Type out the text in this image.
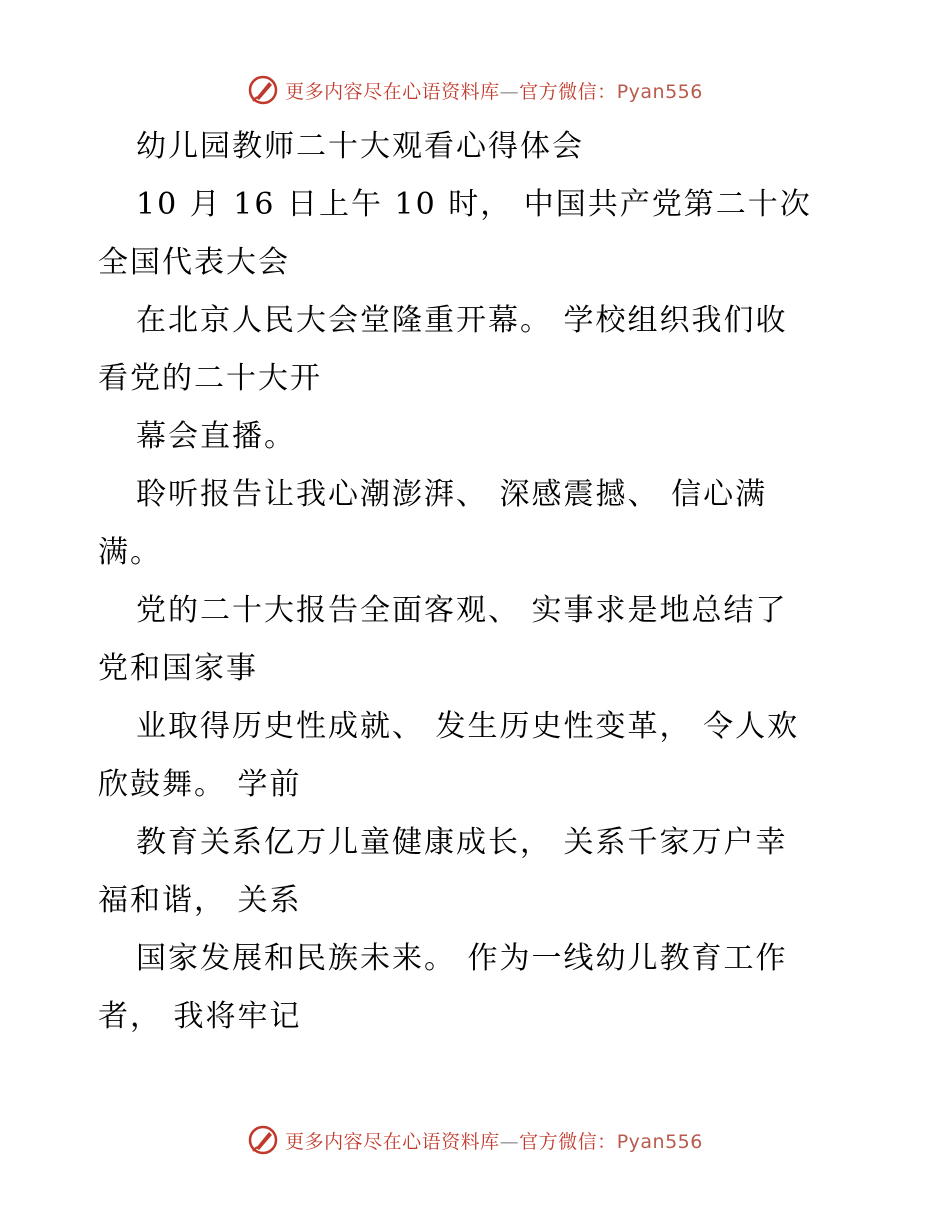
更多内容尽在心语资料库—官方微信：Pyan556
幼儿园教师二十大观看心得体会
10 月 16 日上午 10 时， 中国共产党第二十次
全国代表大会
在北京人民大会堂隆重开幕。 学校组织我们收
看党的二十大开
幕会直播。
聆听报告让我心潮澎湃、 深感震撼、 信心满
满。
党的二十大报告全面客观、 实事求是地总结了
党和国家事
业取得历史性成就、 发生历史性变革， 令人欢
欣鼓舞。 学前
教育关系亿万儿童健康成长， 关系千家万户幸
福和谐， 关系
国家发展和民族未来。 作为一线幼儿教育工作
者， 我将牢记
更多内容尽在心语资料库—官方微信：Pyan556
